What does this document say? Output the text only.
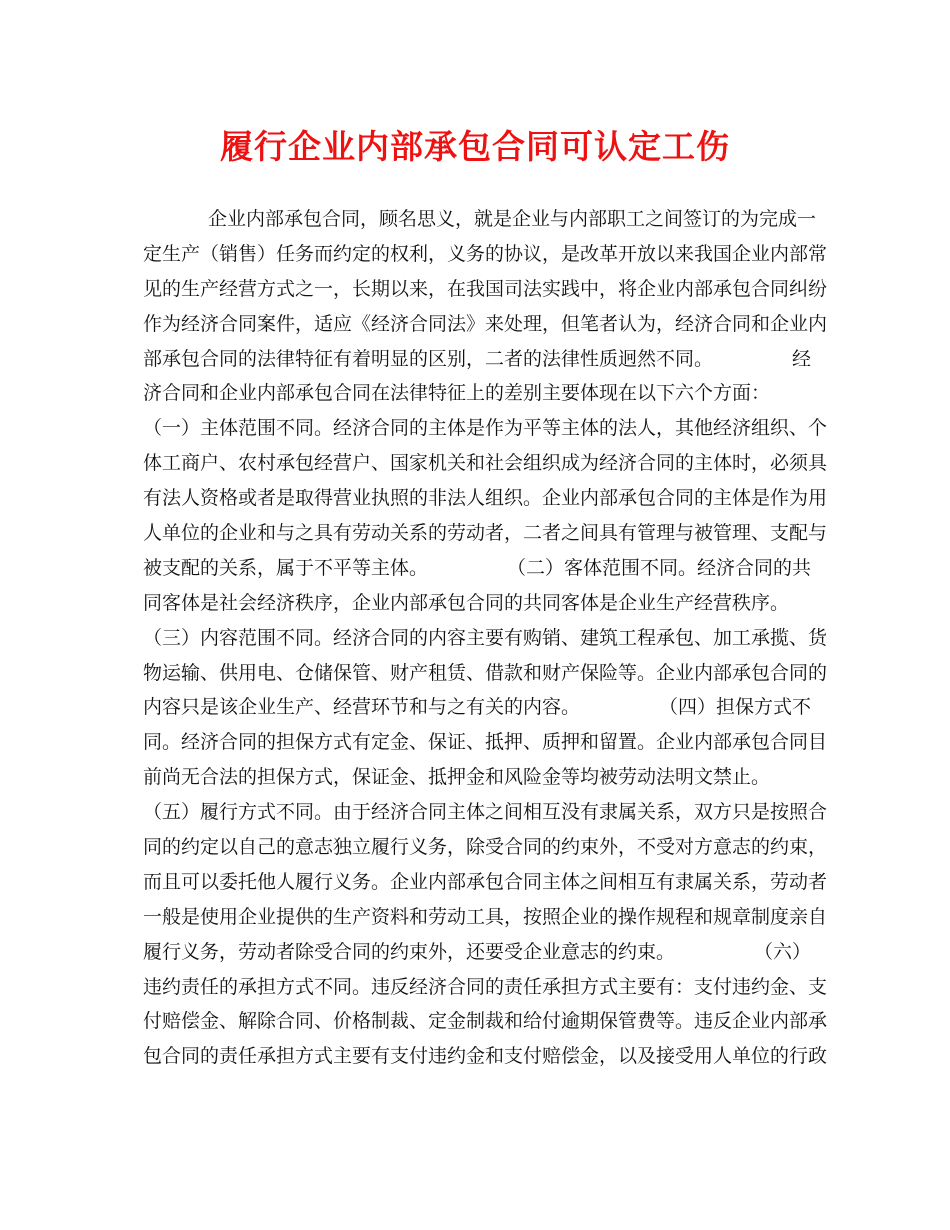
履行企业内部承包合同可认定工伤
企业内部承包合同，顾名思义，就是企业与内部职工之间签订的为完成一
定生产（销售）任务而约定的权利，义务的协议，是改革开放以来我国企业内部常
见的生产经营方式之一，长期以来，在我国司法实践中，将企业内部承包合同纠纷
作为经济合同案件，适应《经济合同法》来处理，但笔者认为，经济合同和企业内
部承包合同的法律特征有着明显的区别，二者的法律性质迥然不同。	经
济合同和企业内部承包合同在法律特征上的差别主要体现在以下六个方面：
（一）主体范围不同。经济合同的主体是作为平等主体的法人，其他经济组织、个
体工商户、农村承包经营户、国家机关和社会组织成为经济合同的主体时，必须具
有法人资格或者是取得营业执照的非法人组织。企业内部承包合同的主体是作为用
人单位的企业和与之具有劳动关系的劳动者，二者之间具有管理与被管理、支配与
被支配的关系，属于不平等主体。	（二）客体范围不同。经济合同的共
同客体是社会经济秩序，企业内部承包合同的共同客体是企业生产经营秩序。
（三）内容范围不同。经济合同的内容主要有购销、建筑工程承包、加工承揽、货
物运输、供用电、仓储保管、财产租赁、借款和财产保险等。企业内部承包合同的
内容只是该企业生产、经营环节和与之有关的内容。	（四）担保方式不
同。经济合同的担保方式有定金、保证、抵押、质押和留置。企业内部承包合同目
前尚无合法的担保方式，保证金、抵押金和风险金等均被劳动法明文禁止。
（五）履行方式不同。由于经济合同主体之间相互没有隶属关系，双方只是按照合
同的约定以自己的意志独立履行义务，除受合同的约束外，不受对方意志的约束，
而且可以委托他人履行义务。企业内部承包合同主体之间相互有隶属关系，劳动者
一般是使用企业提供的生产资料和劳动工具，按照企业的操作规程和规章制度亲自
履行义务，劳动者除受合同的约束外，还要受企业意志的约束。	（六）
违约责任的承担方式不同。违反经济合同的责任承担方式主要有：支付违约金、支
付赔偿金、解除合同、价格制裁、定金制裁和给付逾期保管费等。违反企业内部承
包合同的责任承担方式主要有支付违约金和支付赔偿金，以及接受用人单位的行政
